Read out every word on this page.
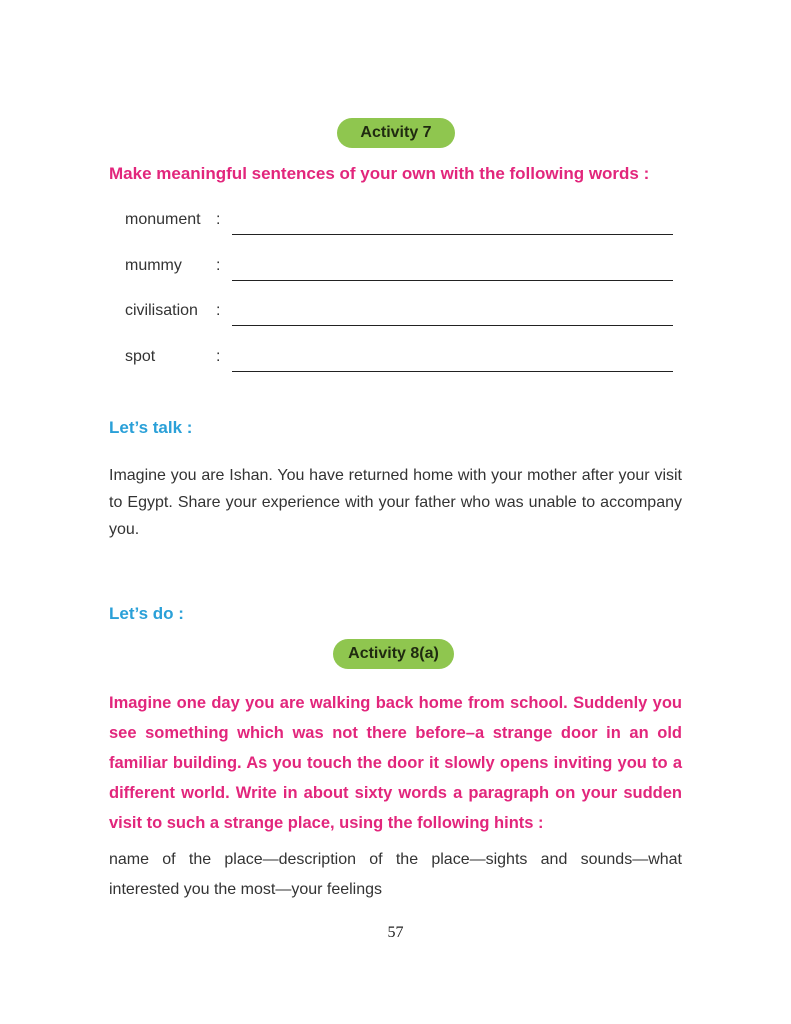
Activity 7
Make meaningful sentences of your own with the following words :
monument :
mummy :
civilisation :
spot	:
Let’s talk :
Imagine you are Ishan. You have returned home with your mother after your visit to Egypt. Share your experience with your father who was unable to accompany you.
Let’s do :
Activity 8(a)
Imagine one day you are walking back home from school. Suddenly you see something which was not there before–a strange door in an old familiar building. As you touch the door it slowly opens inviting you to a different world. Write in about sixty words a paragraph on your sudden visit to such a strange place, using the following hints :
name of the place—description of the place—sights and sounds—what interested you the most—your feelings
57
